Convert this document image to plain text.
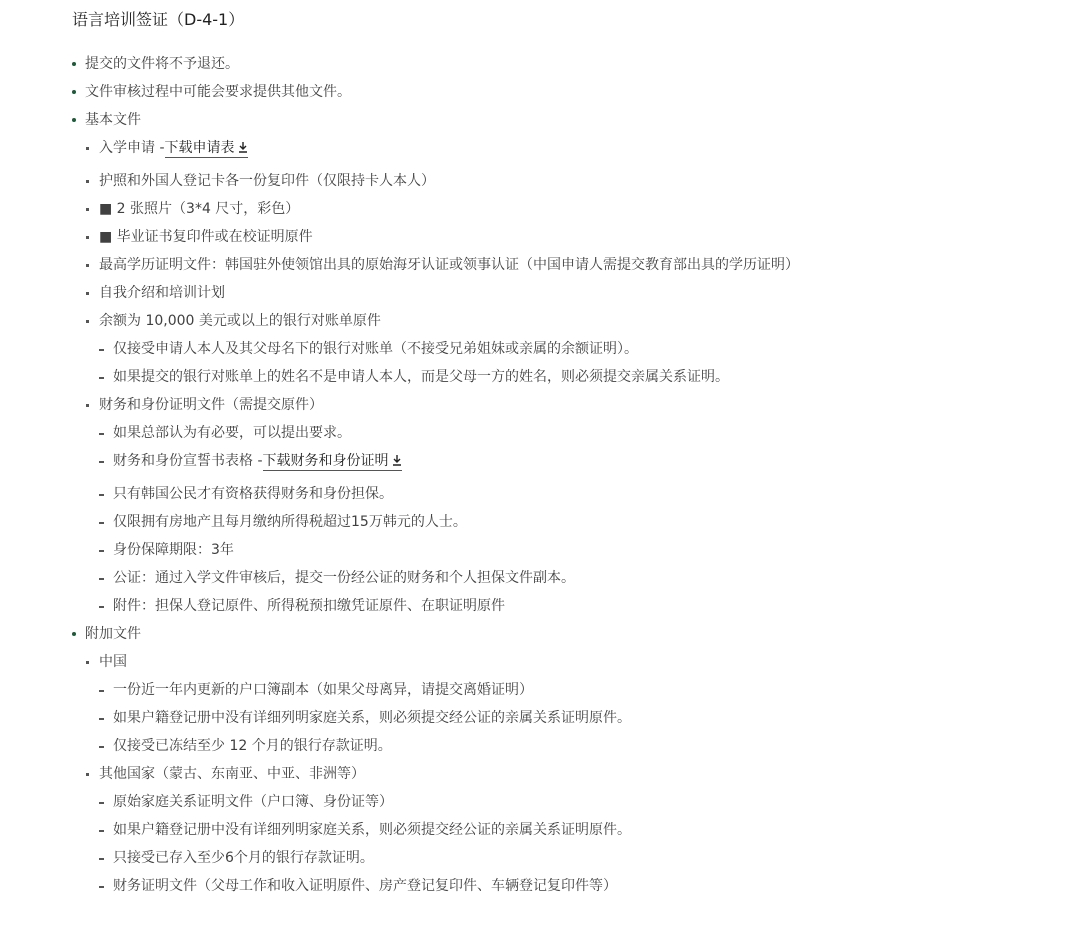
语言培训签证（D-4-1）
提交的文件将不予退还。
文件审核过程中可能会要求提供其他文件。
基本文件
入学申请 -下载申请表
护照和外国人登记卡各一份复印件（仅限持卡人本人）
■ 2 张照片（3*4 尺寸，彩色）
■ 毕业证书复印件或在校证明原件
最高学历证明文件：韩国驻外使领馆出具的原始海牙认证或领事认证（中国申请人需提交教育部出具的学历证明）
自我介绍和培训计划
余额为 10,000 美元或以上的银行对账单原件
仅接受申请人本人及其父母名下的银行对账单（不接受兄弟姐妹或亲属的余额证明）。
如果提交的银行对账单上的姓名不是申请人本人，而是父母一方的姓名，则必须提交亲属关系证明。
财务和身份证明文件（需提交原件）
如果总部认为有必要，可以提出要求。
财务和身份宣誓书表格 -下载财务和身份证明
只有韩国公民才有资格获得财务和身份担保。
仅限拥有房地产且每月缴纳所得税超过15万韩元的人士。
身份保障期限：3年
公证：通过入学文件审核后，提交一份经公证的财务和个人担保文件副本。
附件：担保人登记原件、所得税预扣缴凭证原件、在职证明原件
附加文件
中国
一份近一年内更新的户口簿副本（如果父母离异，请提交离婚证明）
如果户籍登记册中没有详细列明家庭关系，则必须提交经公证的亲属关系证明原件。
仅接受已冻结至少 12 个月的银行存款证明。
其他国家（蒙古、东南亚、中亚、非洲等）
原始家庭关系证明文件（户口簿、身份证等）
如果户籍登记册中没有详细列明家庭关系，则必须提交经公证的亲属关系证明原件。
只接受已存入至少6个月的银行存款证明。
财务证明文件（父母工作和收入证明原件、房产登记复印件、车辆登记复印件等）
